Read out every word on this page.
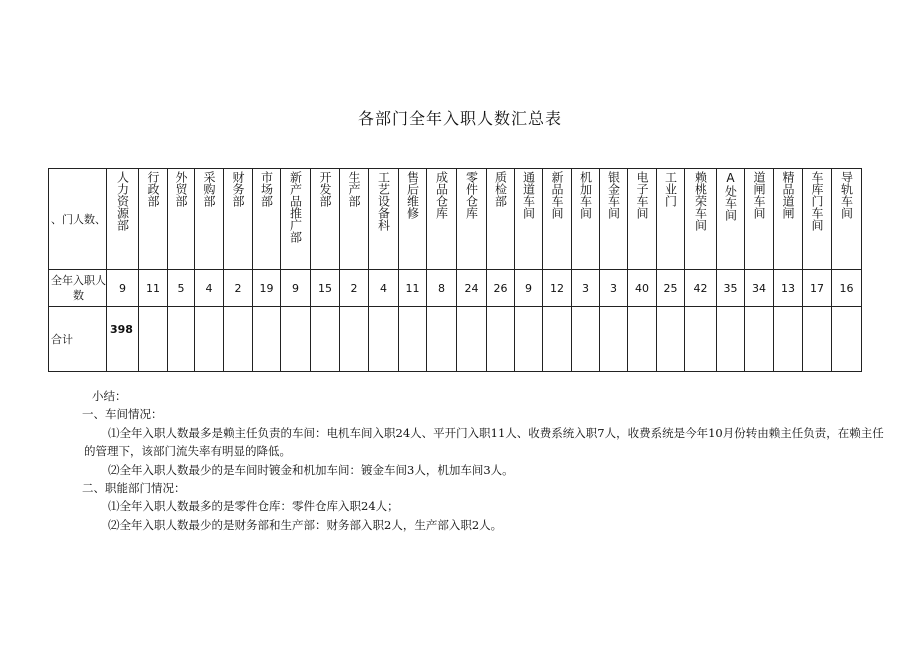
各部门全年入职人数汇总表
、门人数、	人力资源部	行政部	外贸部	采购部	财务部	市场部	新产品推广部	开发部	生产部	工艺设备科	售后维修	成品仓库	零件仓库	质检部	通道车间	新品车间	机加车间	银金车间	电子车间	工业门	赖桃荣车间	A处车间	道闸车间	精品道闸	车库门车间	导轨车间

全年入职人数	9	11	5	4	2	19	9	15	2	4	11	8	24	26	9	12	3	3	40	25	42	35	34	13	17	16
合计	398																									

小结：

一、车间情况：

⑴全年入职人数最多是赖主任负责的车间：电机车间入职24人、平开门入职11人、收费系统入职7人，收费系统是今年10月份转由赖主任负责，在赖主任的管理下，该部门流失率有明显的降低。

⑵全年入职人数最少的是车间时镀金和机加车间：镀金车间3人，机加车间3人。

二、职能部门情况：

⑴全年入职人数最多的是零件仓库：零件仓库入职24人；

⑵全年入职人数最少的是财务部和生产部：财务部入职2人，生产部入职2人。
